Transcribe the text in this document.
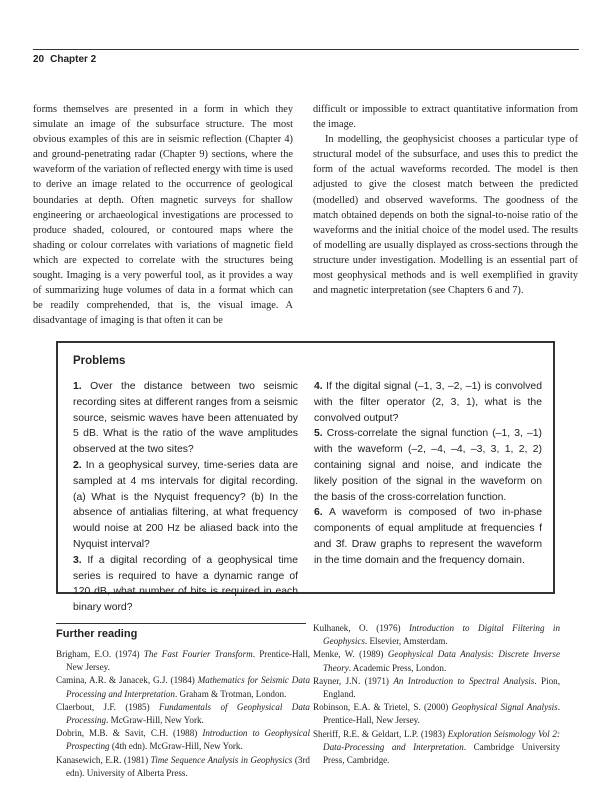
20 Chapter 2

forms themselves are presented in a form in which they simulate an image of the subsurface structure. The most obvious examples of this are in seismic reflection (Chapter 4) and ground-penetrating radar (Chapter 9) sections, where the waveform of the variation of reflected energy with time is used to derive an image related to the occurrence of geological boundaries at depth. Often magnetic surveys for shallow engineering or archaeological investigations are processed to produce shaded, coloured, or contoured maps where the shading or colour correlates with variations of magnetic field which are expected to correlate with the structures being sought. Imaging is a very powerful tool, as it provides a way of summarizing huge volumes of data in a format which can be readily comprehended, that is, the visual image. A disadvantage of imaging is that often it can be

difficult or impossible to extract quantitative information from the image.

In modelling, the geophysicist chooses a particular type of structural model of the subsurface, and uses this to predict the form of the actual waveforms recorded. The model is then adjusted to give the closest match between the predicted (modelled) and observed waveforms. The goodness of the match obtained depends on both the signal-to-noise ratio of the waveforms and the initial choice of the model used. The results of modelling are usually displayed as cross-sections through the structure under investigation. Modelling is an essential part of most geophysical methods and is well exemplified in gravity and magnetic interpretation (see Chapters 6 and 7).

Problems

1. Over the distance between two seismic recording sites at different ranges from a seismic source, seismic waves have been attenuated by 5 dB. What is the ratio of the wave amplitudes observed at the two sites?

2. In a geophysical survey, time-series data are sampled at 4 ms intervals for digital recording. (a) What is the Nyquist frequency? (b) In the absence of antialias filtering, at what frequency would noise at 200 Hz be aliased back into the Nyquist interval?

3. If a digital recording of a geophysical time series is required to have a dynamic range of 120 dB, what number of bits is required in each binary word?

4. If the digital signal (–1, 3, –2, –1) is convolved with the filter operator (2, 3, 1), what is the convolved output?

5. Cross-correlate the signal function (–1, 3, –1) with the waveform (–2, –4, –4, –3, 3, 1, 2, 2) containing signal and noise, and indicate the likely position of the signal in the waveform on the basis of the cross-correlation function.

6. A waveform is composed of two in-phase components of equal amplitude at frequencies f and 3f. Draw graphs to represent the waveform in the time domain and the frequency domain.

Further reading
Brigham, E.O. (1974) The Fast Fourier Transform. Prentice-Hall, New Jersey.
Camina, A.R. & Janacek, G.J. (1984) Mathematics for Seismic Data Processing and Interpretation. Graham & Trotman, London.
Claerbout, J.F. (1985) Fundamentals of Geophysical Data Processing. McGraw-Hill, New York.
Dobrin, M.B. & Savit, C.H. (1988) Introduction to Geophysical Prospecting (4th edn). McGraw-Hill, New York.
Kanasewich, E.R. (1981) Time Sequence Analysis in Geophysics (3rd edn). University of Alberta Press.
Kulhanek, O. (1976) Introduction to Digital Filtering in Geophysics. Elsevier, Amsterdam.
Menke, W. (1989) Geophysical Data Analysis: Discrete Inverse Theory. Academic Press, London.
Rayner, J.N. (1971) An Introduction to Spectral Analysis. Pion, England.
Robinson, E.A. & Trietel, S. (2000) Geophysical Signal Analysis. Prentice-Hall, New Jersey.
Sheriff, R.E. & Geldart, L.P. (1983) Exploration Seismology Vol 2: Data-Processing and Interpretation. Cambridge University Press, Cambridge.
